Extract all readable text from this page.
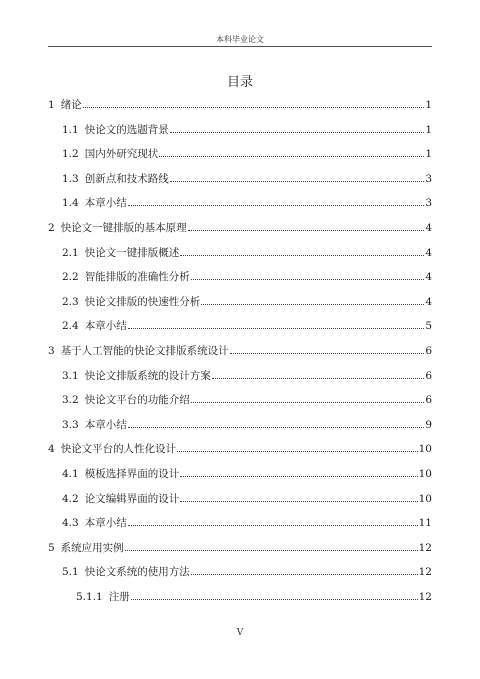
本科毕业论文
目录
1 绪论	1
1.1 快论文的选题背景	1
1.2 国内外研究现状	1
1.3 创新点和技术路线	3
1.4 本章小结	3
2 快论文一键排版的基本原理	4
2.1 快论文一键排版概述	4
2.2 智能排版的准确性分析	4
2.3 快论文排版的快速性分析	4
2.4 本章小结	5
3 基于人工智能的快论文排版系统设计	6
3.1 快论文排版系统的设计方案	6
3.2 快论文平台的功能介绍	6
3.3 本章小结	9
4 快论文平台的人性化设计	10
4.1 模板选择界面的设计	10
4.2 论文编辑界面的设计	10
4.3 本章小结	11
5 系统应用实例	12
5.1 快论文系统的使用方法	12
5.1.1 注册	12
V
